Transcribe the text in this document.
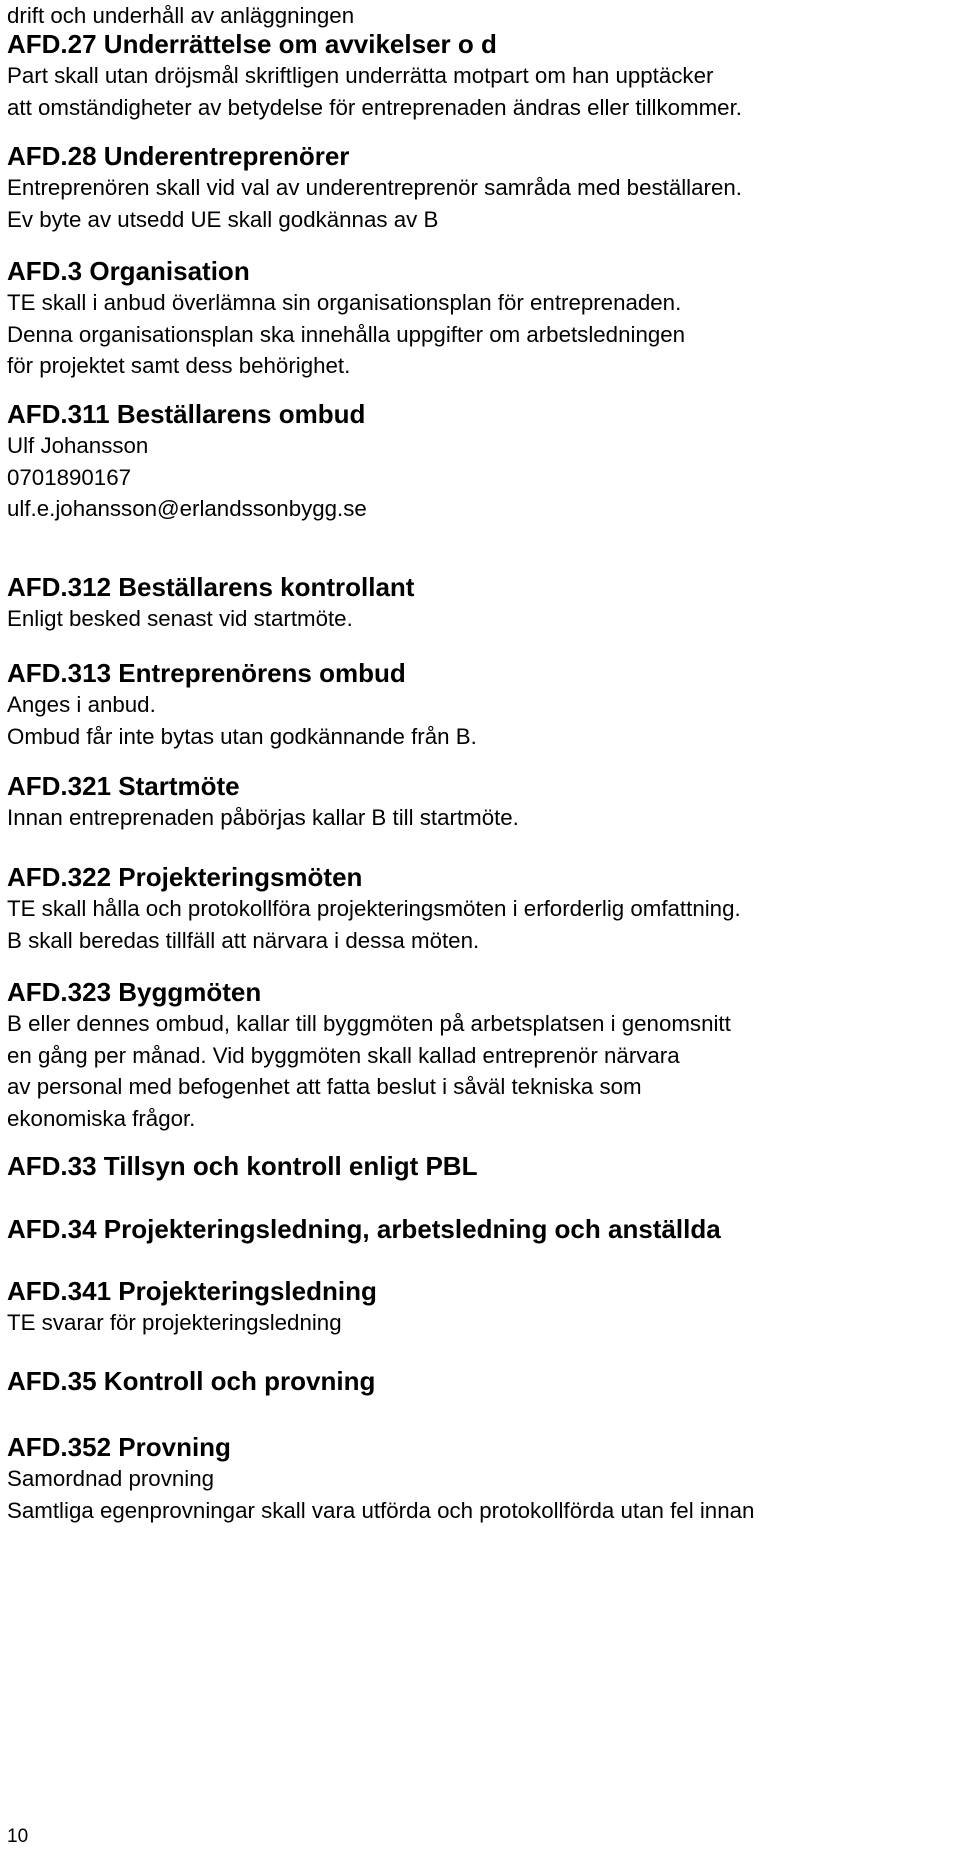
drift och underhåll av anläggningen

AFD.27 Underrättelse om avvikelser o d

Part skall utan dröjsmål skriftligen underrätta motpart om han upptäcker

att omständigheter av betydelse för entreprenaden ändras eller tillkommer.

AFD.28 Underentreprenörer

Entreprenören skall vid val av underentreprenör samråda med beställaren.

Ev byte av utsedd UE skall godkännas av B

AFD.3 Organisation

TE skall i anbud överlämna sin organisationsplan för entreprenaden.

Denna organisationsplan ska innehålla uppgifter om arbetsledningen

för projektet samt dess behörighet.

AFD.311 Beställarens ombud

Ulf Johansson

0701890167

ulf.e.johansson@erlandssonbygg.se

AFD.312 Beställarens kontrollant

Enligt besked senast vid startmöte.

AFD.313 Entreprenörens ombud

Anges i anbud.

Ombud får inte bytas utan godkännande från B.

AFD.321 Startmöte

Innan entreprenaden påbörjas kallar B till startmöte.

AFD.322 Projekteringsmöten

TE skall hålla och protokollföra projekteringsmöten i erforderlig omfattning.

B skall beredas tillfäll att närvara i dessa möten.

AFD.323 Byggmöten

B eller dennes ombud, kallar till byggmöten på arbetsplatsen i genomsnitt

en gång per månad. Vid byggmöten skall kallad entreprenör närvara

av personal med befogenhet att fatta beslut i såväl tekniska som

ekonomiska frågor.

AFD.33 Tillsyn och kontroll enligt PBL

AFD.34 Projekteringsledning, arbetsledning och anställda

AFD.341 Projekteringsledning

TE svarar för projekteringsledning

AFD.35 Kontroll och provning

AFD.352 Provning

Samordnad provning

Samtliga egenprovningar skall vara utförda och protokollförda utan fel innan

10
